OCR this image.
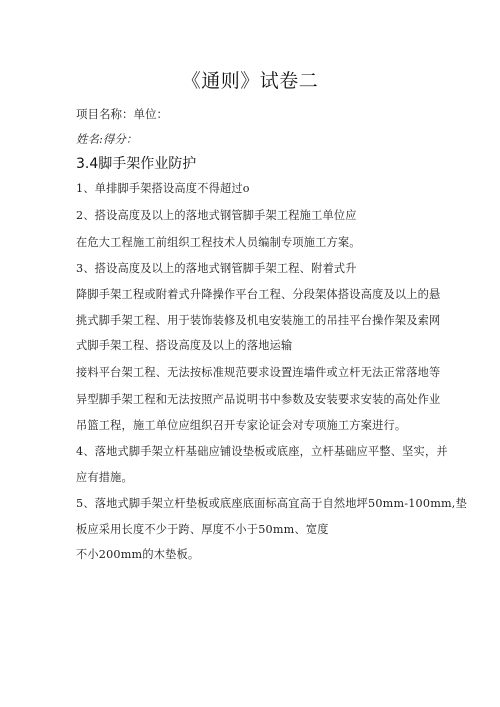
《通则》试卷二
项目名称：单位：
姓名:得分：
3.4脚手架作业防护
1、单排脚手架搭设高度不得超过o
2、搭设高度及以上的落地式钢管脚手架工程施工单位应
在危大工程施工前组织工程技术人员编制专项施工方案。
3、搭设高度及以上的落地式钢管脚手架工程、附着式升
降脚手架工程或附着式升降操作平台工程、分段架体搭设高度及以上的悬
挑式脚手架工程、用于装饰装修及机电安装施工的吊挂平台操作架及索网
式脚手架工程、搭设高度及以上的落地运输
接料平台架工程、无法按标准规范要求设置连墙件或立杆无法正常落地等
异型脚手架工程和无法按照产品说明书中参数及安装要求安装的高处作业
吊篮工程，施工单位应组织召开专家论证会对专项施工方案进行。
4、落地式脚手架立杆基础应铺设垫板或底座，立杆基础应平整、坚实，并
应有措施。
5、落地式脚手架立杆垫板或底座底面标高宜高于自然地坪50mm-100mm,垫
板应采用长度不少于跨、厚度不小于50mm、宽度
不小200mm的木垫板。
